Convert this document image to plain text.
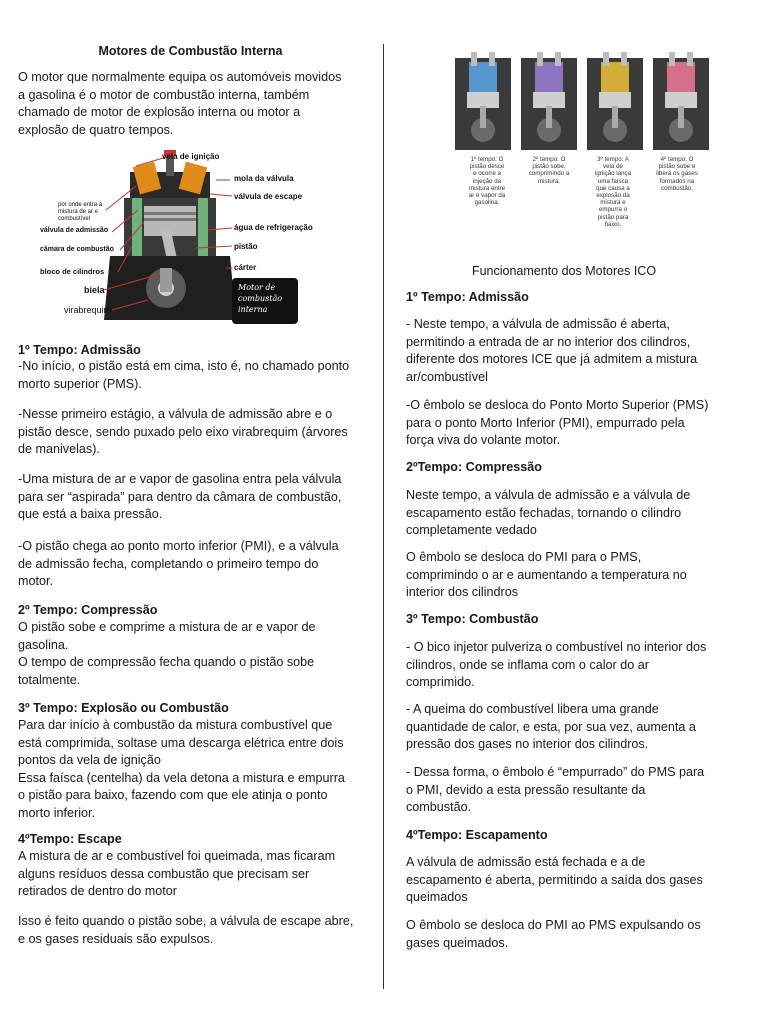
Motores de Combustão Interna
O motor que normalmente equipa os automóveis movidos
a gasolina é o motor de combustão interna, também
chamado de motor de explosão interna ou motor a
explosão de quatro tempos.
vela de ignição
mola da válvula
válvula de escape
por onde entra a
mistura de ar e
combustível
válvula de admissão
câmara de combustão
água de refrigeração
pistão
bloco de cilindros	cárter
biela
virabrequim
Motor de
combustão
interna
1º Tempo: Admissão
-No início, o pistão está em cima, isto é, no chamado ponto
morto superior (PMS).
-Nesse primeiro estágio, a válvula de admissão abre e o
pistão desce, sendo puxado pelo eixo virabrequim (árvores
de manivelas).
-Uma mistura de ar e vapor de gasolina entra pela válvula
para ser “aspirada” para dentro da câmara de combustão,
que está a baixa pressão.
-O pistão chega ao ponto morto inferior (PMI), e a válvula
de admissão fecha, completando o primeiro tempo do
motor.
2º Tempo: Compressão
O pistão sobe e comprime a mistura de ar e vapor de
gasolina.
O tempo de compressão fecha quando o pistão sobe
totalmente.
3º Tempo: Explosão ou Combustão
Para dar início à combustão da mistura combustível que
está comprimida, soltase uma descarga elétrica entre dois
pontos da vela de ignição
Essa faísca (centelha) da vela detona a mistura e empurra
o pistão para baixo, fazendo com que ele atinja o ponto
morto inferior.
4ºTempo: Escape
A mistura de ar e combustível foi queimada, mas ficaram
alguns resíduos dessa combustão que precisam ser
retirados de dentro do motor
Isso é feito quando o pistão sobe, a válvula de escape abre,
e os gases residuais são expulsos.
1º tempo: O
pistão desce
e ocorre a
injeção da
mistura entre
ar e vapor da
gasolina.
2º tempo: O
pistão sobe,
comprimindo a
mistura.
3º tempo: A
vela de
ignição lança
uma faísca
que causa a
explosão da
mistura e
empurra o
pistão para
baixo.
4º tempo: O
pistão sobe e
libera os gases
formados na
combustão.
Funcionamento dos Motores ICO
1º Tempo: Admissão
- Neste tempo, a válvula de admissão é aberta,
permitindo a entrada de ar no interior dos cilindros,
diferente dos motores ICE que já admitem a mistura
ar/combustível
-O êmbolo se desloca do Ponto Morto Superior (PMS)
para o ponto Morto Inferior (PMI), empurrado pela
força viva do volante motor.
2ºTempo: Compressão
Neste tempo, a válvula de admissão e a válvula de
escapamento estão fechadas, tornando o cilindro
completamente vedado
O êmbolo se desloca do PMI para o PMS,
comprimindo o ar e aumentando a temperatura no
interior dos cilindros
3º Tempo: Combustão
- O bico injetor pulveriza o combustível no interior dos
cilindros, onde se inflama com o calor do ar
comprimido.
- A queima do combustível libera uma grande
quantidade de calor, e esta, por sua vez, aumenta a
pressão dos gases no interior dos cilindros.
- Dessa forma, o êmbolo é “empurrado” do PMS para
o PMI, devido a esta pressão resultante da
combustão.
4ºTempo: Escapamento
A válvula de admissão está fechada e a de
escapamento é aberta, permitindo a saída dos gases
queimados
O êmbolo se desloca do PMI ao PMS expulsando os
gases queimados.
